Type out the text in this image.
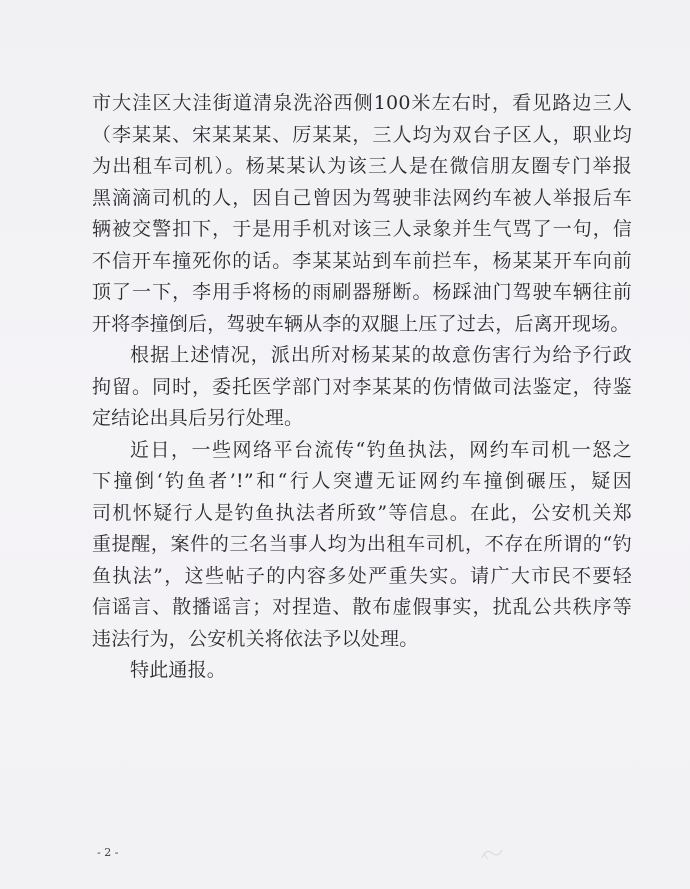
市大洼区大洼街道清泉洗浴西侧100米左右时，看见路边三人
（李某某、宋某某某、厉某某，三人均为双台子区人，职业均
为出租车司机）。杨某某认为该三人是在微信朋友圈专门举报
黑滴滴司机的人，因自己曾因为驾驶非法网约车被人举报后车
辆被交警扣下，于是用手机对该三人录象并生气骂了一句，信
不信开车撞死你的话。李某某站到车前拦车，杨某某开车向前
顶了一下，李用手将杨的雨刷器掰断。杨踩油门驾驶车辆往前
开将李撞倒后，驾驶车辆从李的双腿上压了过去，后离开现场。
根据上述情况，派出所对杨某某的故意伤害行为给予行政
拘留。同时，委托医学部门对李某某的伤情做司法鉴定，待鉴
定结论出具后另行处理。
近日，一些网络平台流传“钓鱼执法，网约车司机一怒之
下撞倒‘钓鱼者’!”和“行人突遭无证网约车撞倒碾压，疑因
司机怀疑行人是钓鱼执法者所致”等信息。在此，公安机关郑
重提醒，案件的三名当事人均为出租车司机，不存在所谓的“钓
鱼执法”，这些帖子的内容多处严重失实。请广大市民不要轻
信谣言、散播谣言；对捏造、散布虚假事实，扰乱公共秩序等
违法行为，公安机关将依法予以处理。
特此通报。
- 2 -
